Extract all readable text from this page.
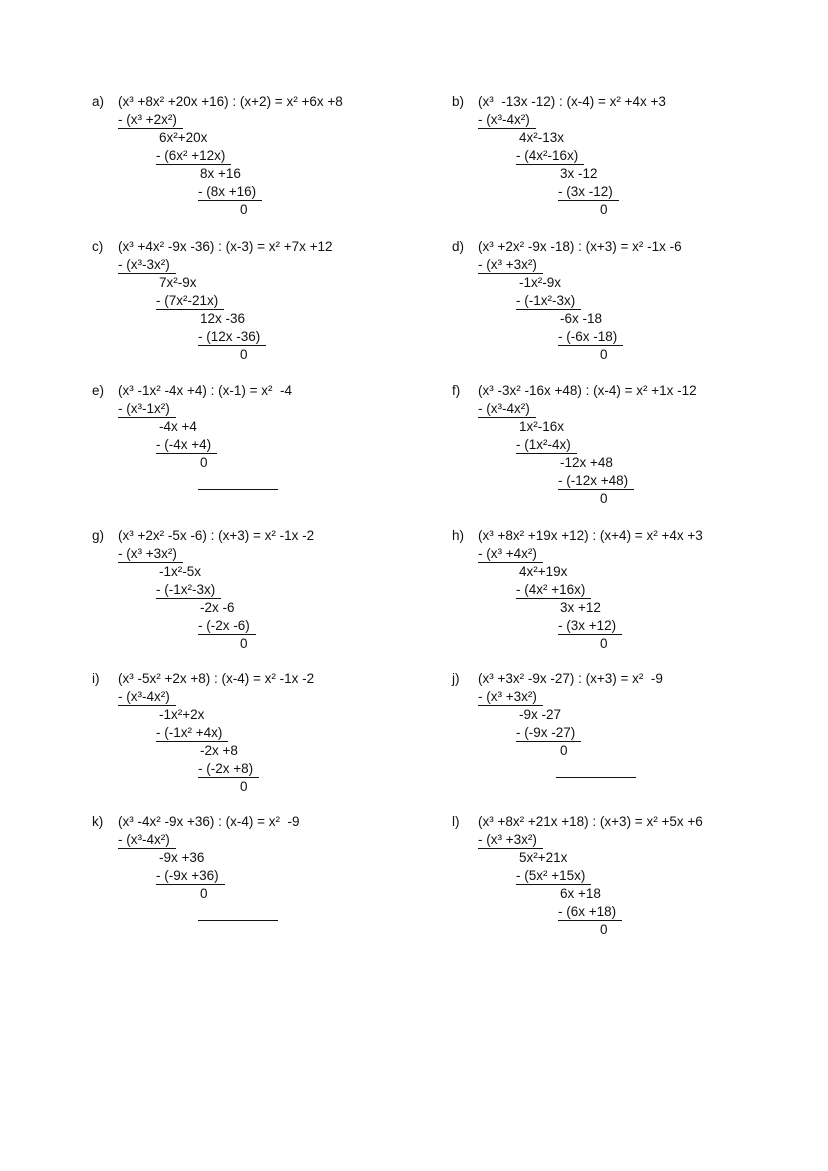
a) (x³ +8x² +20x +16) : (x+2) = x² +6x +8
- (x³ +2x²)
6x²+20x
- (6x² +12x)
8x +16
- (8x +16)
0
b) (x³  -13x -12) : (x-4) = x² +4x +3
- (x³-4x²)
4x²-13x
- (4x²-16x)
3x -12
- (3x -12)
0
c) (x³ +4x² -9x -36) : (x-3) = x² +7x +12
- (x³-3x²)
7x²-9x
- (7x²-21x)
12x -36
- (12x -36)
0
d) (x³ +2x² -9x -18) : (x+3) = x² -1x -6
- (x³ +3x²)
-1x²-9x
- (-1x²-3x)
-6x -18
- (-6x -18)
0
e) (x³ -1x² -4x +4) : (x-1) = x²  -4
- (x³-1x²)
-4x +4
- (-4x +4)
0
f) (x³ -3x² -16x +48) : (x-4) = x² +1x -12
- (x³-4x²)
1x²-16x
- (1x²-4x)
-12x +48
- (-12x +48)
0
g) (x³ +2x² -5x -6) : (x+3) = x² -1x -2
- (x³ +3x²)
-1x²-5x
- (-1x²-3x)
-2x -6
- (-2x -6)
0
h) (x³ +8x² +19x +12) : (x+4) = x² +4x +3
- (x³ +4x²)
4x²+19x
- (4x² +16x)
3x +12
- (3x +12)
0
i) (x³ -5x² +2x +8) : (x-4) = x² -1x -2
- (x³-4x²)
-1x²+2x
- (-1x² +4x)
-2x +8
- (-2x +8)
0
j) (x³ +3x² -9x -27) : (x+3) = x²  -9
- (x³ +3x²)
-9x -27
- (-9x -27)
0
k) (x³ -4x² -9x +36) : (x-4) = x²  -9
- (x³-4x²)
-9x +36
- (-9x +36)
0
l) (x³ +8x² +21x +18) : (x+3) = x² +5x +6
- (x³ +3x²)
5x²+21x
- (5x² +15x)
6x +18
- (6x +18)
0
